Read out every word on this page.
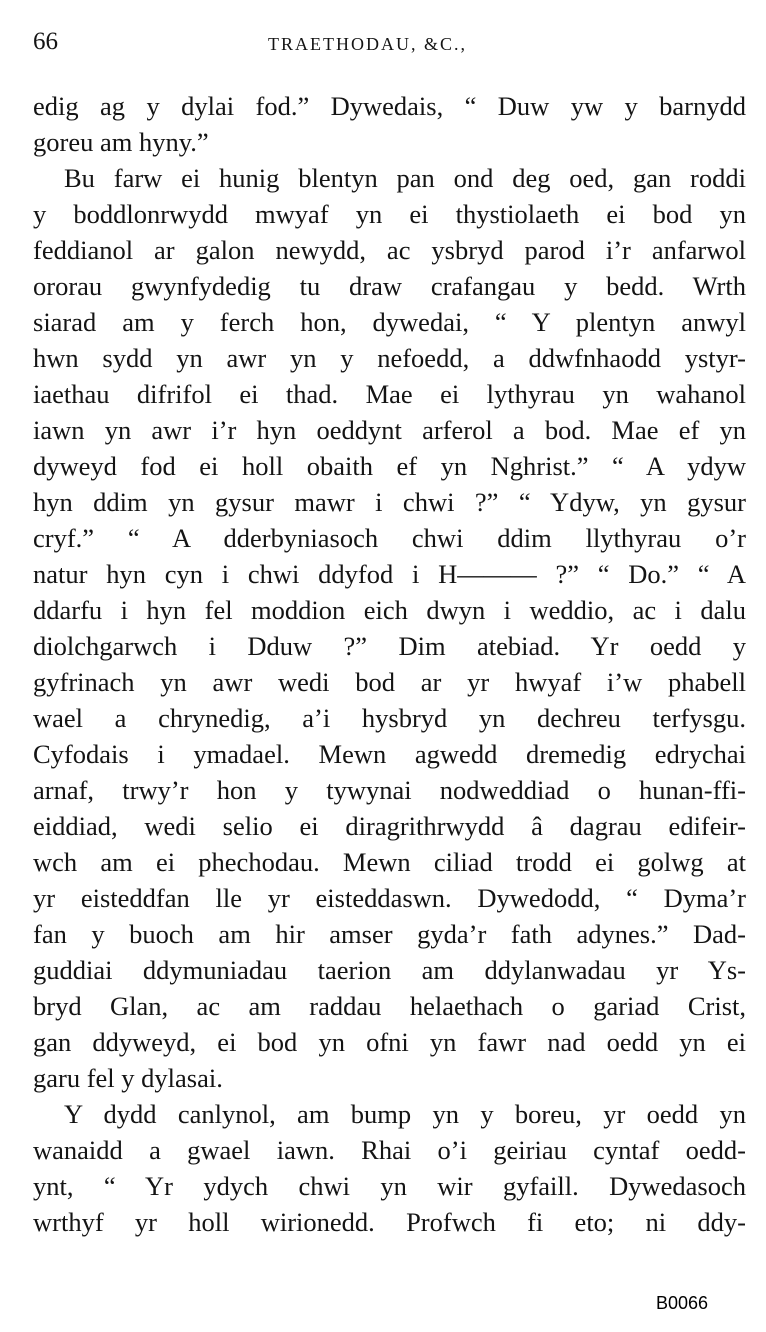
66	TRAETHODAU, &C.,
edig ag y dylai fod.” Dywedais, “ Duw yw y barnydd
goreu am hyny.”
Bu farw ei hunig blentyn pan ond deg oed, gan roddi
y boddlonrwydd mwyaf yn ei thystiolaeth ei bod yn
feddianol ar galon newydd, ac ysbryd parod i’r anfarwol
ororau gwynfydedig tu draw crafangau y bedd. Wrth
siarad am y ferch hon, dywedai, “ Y plentyn anwyl
hwn sydd yn awr yn y nefoedd, a ddwfnhaodd ystyr-
iaethau difrifol ei thad. Mae ei lythyrau yn wahanol
iawn yn awr i’r hyn oeddynt arferol a bod. Mae ef yn
dyweyd fod ei holl obaith ef yn Nghrist.” “ A ydyw
hyn ddim yn gysur mawr i chwi ?” “ Ydyw, yn gysur
cryf.” “ A dderbyniasoch chwi ddim llythyrau o’r
natur hyn cyn i chwi ddyfod i H——— ?” “ Do.” “ A
ddarfu i hyn fel moddion eich dwyn i weddio, ac i dalu
diolchgarwch i Dduw ?” Dim atebiad. Yr oedd y
gyfrinach yn awr wedi bod ar yr hwyaf i’w phabell
wael a chrynedig, a’i hysbryd yn dechreu terfysgu.
Cyfodais i ymadael. Mewn agwedd dremedig edrychai
arnaf, trwy’r hon y tywynai nodweddiad o hunan-ffi-
eiddiad, wedi selio ei diragrithrwydd â dagrau edifeir-
wch am ei phechodau. Mewn ciliad trodd ei golwg at
yr eisteddfan lle yr eisteddaswn. Dywedodd, “ Dyma’r
fan y buoch am hir amser gyda’r fath adynes.” Dad-
guddiai ddymuniadau taerion am ddylanwadau yr Ys-
bryd Glan, ac am raddau helaethach o gariad Crist,
gan ddyweyd, ei bod yn ofni yn fawr nad oedd yn ei
garu fel y dylasai.
Y dydd canlynol, am bump yn y boreu, yr oedd yn
wanaidd a gwael iawn. Rhai o’i geiriau cyntaf oedd-
ynt, “ Yr ydych chwi yn wir gyfaill. Dywedasoch
wrthyf yr holl wirionedd. Profwch fi eto; ni ddy-
B0066
